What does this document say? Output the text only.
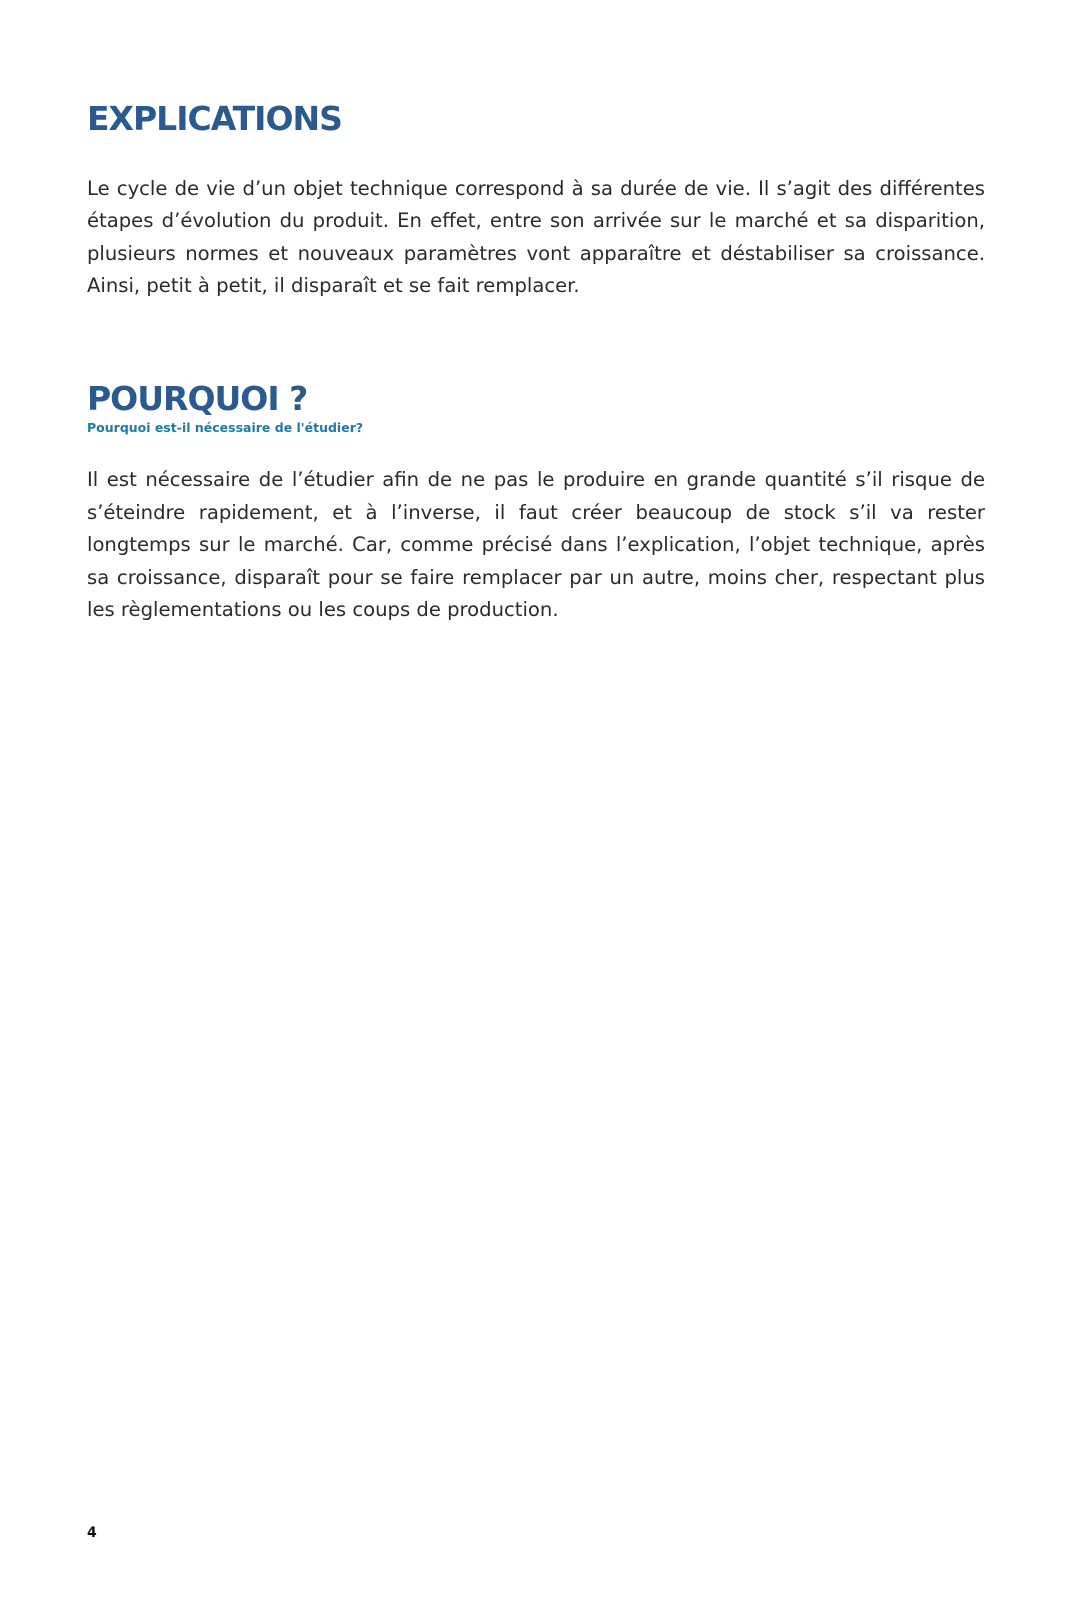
EXPLICATIONS

Le cycle de vie d’un objet technique correspond à sa durée de vie. Il s’agit des différentes étapes d’évolution du produit. En effet, entre son arrivée sur le marché et sa disparition, plusieurs normes et nouveaux paramètres vont apparaître et déstabiliser sa croissance. Ainsi, petit à petit, il disparaît et se fait remplacer.

POURQUOI ?

Pourquoi est-il nécessaire de l'étudier?

Il est nécessaire de l’étudier afin de ne pas le produire en grande quantité s’il risque de s’éteindre rapidement, et à l’inverse, il faut créer beaucoup de stock s’il va rester longtemps sur le marché. Car, comme précisé dans l’explication, l’objet technique, après sa croissance, disparaît pour se faire remplacer par un autre, moins cher, respectant plus les règlementations ou les coups de production.

4
